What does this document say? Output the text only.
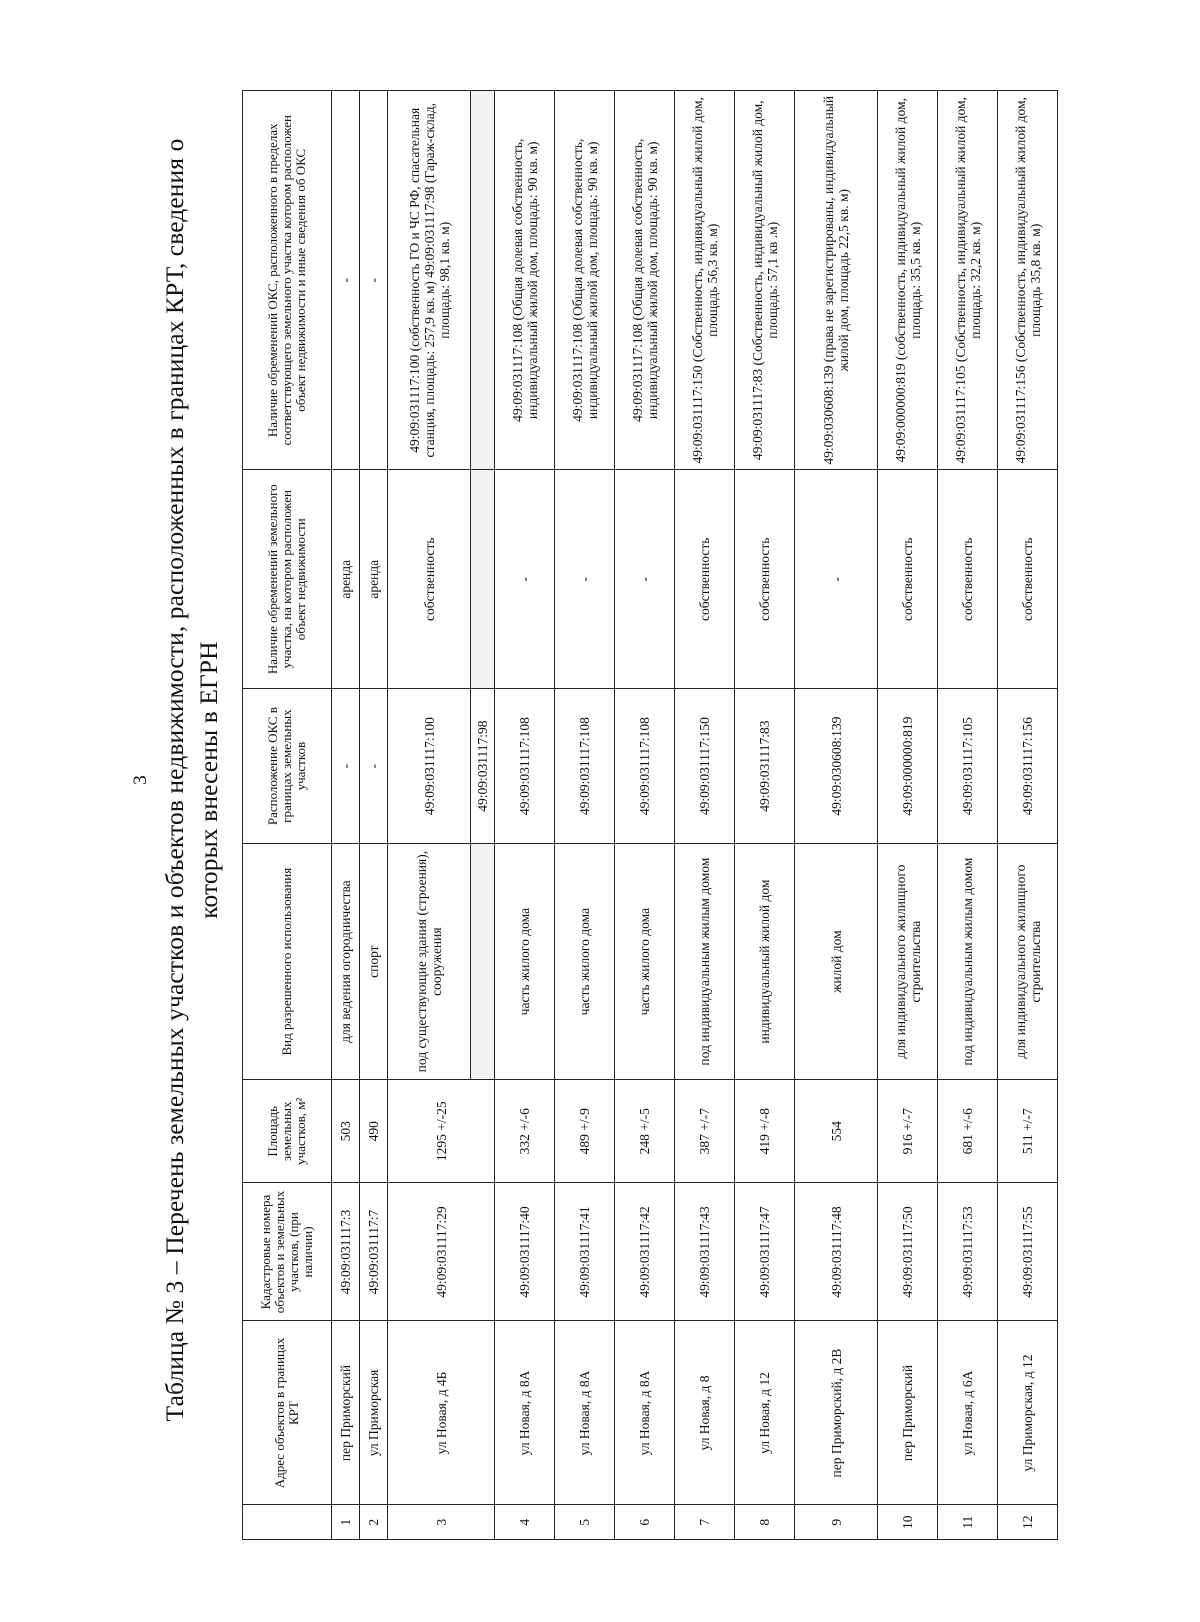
3 Таблица № 3 – Перечень земельных участков и объектов недвижимости, расположенных в границах КРТ, сведения о которых внесены в ЕГРН
	Адрес объектов в границах КРТ	Кадастровые номера объектов и земельных участков, (при наличии)	Площадь земельных участков, м²	Вид разрешенного использования	Расположение ОКС в границах земельных участков	Наличие обременений земельного участка, на котором расположен объект недвижимости	Наличие обременений ОКС, расположенного в пределах соответствующего земельного участка котором расположен объект недвижимости и иные сведения об ОКС
1	пер Приморский	49:09:031117:3	503	для ведения огородничества	-	аренда	-
2	ул Приморская	49:09:031117:7	490	спорт	-	аренда	-
3	ул Новая, д 4Б	49:09:031117:29	1295 +/-25	под существующие здания (строения), сооружения	49:09:031117:100	собственность	49:09:031117:100 (собственность ГО и ЧС РФ, спасательная станция, площадь: 257,9 кв. м) 49:09:031117:98 (Гараж-склад, площадь: 98,1 кв. м)
					49:09:031117:98		
4	ул Новая, д 8А	49:09:031117:40	332 +/-6	часть жилого дома	49:09:031117:108	-	49:09:031117:108 (Общая долевая собственность, индивидуальный жилой дом, площадь: 90 кв. м)
5	ул Новая, д 8А	49:09:031117:41	489 +/-9	часть жилого дома	49:09:031117:108	-	49:09:031117:108 (Общая долевая собственность, индивидуальный жилой дом, площадь: 90 кв. м)
6	ул Новая, д 8А	49:09:031117:42	248 +/-5	часть жилого дома	49:09:031117:108	-	49:09:031117:108 (Общая долевая собственность, индивидуальный жилой дом, площадь: 90 кв. м)
7	ул Новая, д 8	49:09:031117:43	387 +/-7	под индивидуальным жилым домом	49:09:031117:150	собственность	49:09:031117:150 (Собственность, индивидуальный жилой дом, площадь 56,3 кв. м)
8	ул Новая, д 12	49:09:031117:47	419 +/-8	индивидуальный жилой дом	49:09:031117:83	собственность	49:09:031117:83 (Собственность, индивидуальный жилой дом, площадь: 57,1 кв .м)
9	пер Приморский, д 2В	49:09:031117:48	554	жилой дом	49:09:030608:139	-	49:09:030608:139 (права не зарегистрированы, индивидуальный жилой дом, площадь 22,5 кв. м)
10	пер Приморский	49:09:031117:50	916 +/-7	для индивидуального жилищного строительства	49:09:000000:819	собственность	49:09:000000:819 (собственность, индивидуальный жилой дом, площадь: 35,5 кв. м)
11	ул Новая, д 6А	49:09:031117:53	681 +/-6	под индивидуальным жилым домом	49:09:031117:105	собственность	49:09:031117:105 (Собственность, индивидуальный жилой дом, площадь: 32,2 кв. м)
12	ул Приморская, д 12	49:09:031117:55	511 +/-7	для индивидуального жилищного строительства	49:09:031117:156	собственность	49:09:031117:156 (Собственность, индивидуальный жилой дом, площадь 35,8 кв. м)
